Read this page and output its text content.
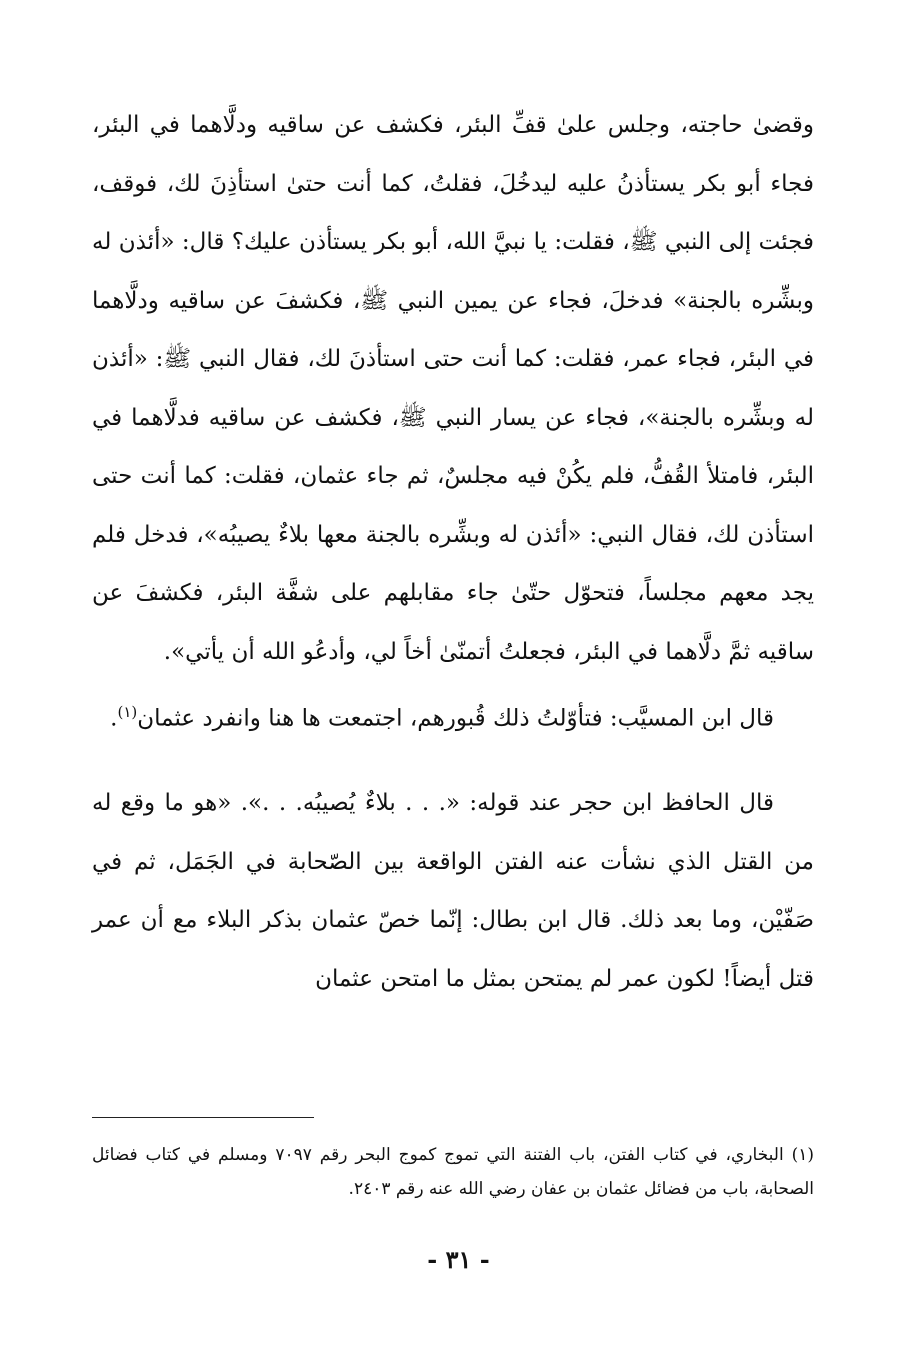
وقضىٰ حاجته، وجلس علىٰ قفِّ البئر، فكشف عن ساقيه ودلَّاهما في البئر، فجاء أبو بكر يستأذنُ عليه ليدخُلَ، فقلتُ، كما أنت حتىٰ استأذِنَ لك، فوقف، فجئت إلى النبي ﷺ، فقلت: يا نبيَّ الله، أبو بكر يستأذن عليك؟ قال: «أئذن له وبشِّره بالجنة» فدخلَ، فجاء عن يمين النبي ﷺ، فكشفَ عن ساقيه ودلَّاهما في البئر، فجاء عمر، فقلت: كما أنت حتى استأذنَ لك، فقال النبي ﷺ: «أئذن له وبشِّره بالجنة»، فجاء عن يسار النبي ﷺ، فكشف عن ساقيه فدلَّاهما في البئر، فامتلأ القُفُّ، فلم يكُنْ فيه مجلسٌ، ثم جاء عثمان، فقلت: كما أنت حتى استأذن لك، فقال النبي: «أئذن له وبشِّره بالجنة معها بلاءٌ يصيبُه»، فدخل فلم يجد معهم مجلساً، فتحوّل حتّىٰ جاء مقابلهم على شفَّة البئر، فكشفَ عن ساقيه ثمَّ دلَّاهما في البئر، فجعلتُ أتمنّىٰ أخاً لي، وأدعُو الله أن يأتي».

قال ابن المسيَّب: فتأوّلتُ ذلك قُبورهم، اجتمعت ها هنا وانفرد عثمان$^{(١)}$.

قال الحافظ ابن حجر عند قوله: «. . . بلاءٌ يُصيبُه. . .». «هو ما وقع له من القتل الذي نشأت عنه الفتن الواقعة بين الصّحابة في الجَمَل، ثم في صَفّيْن، وما بعد ذلك. قال ابن بطال: إنّما خصّ عثمان بذكر البلاء مع أن عمر قتل أيضاً! لكون عمر لم يمتحن بمثل ما امتحن عثمان

(١) البخاري، في كتاب الفتن، باب الفتنة التي تموج كموج البحر رقم ٧٠٩٧ ومسلم في كتاب فضائل الصحابة، باب من فضائل عثمان بن عفان رضي الله عنه رقم ٢٤٠٣.

- ٣١ -
